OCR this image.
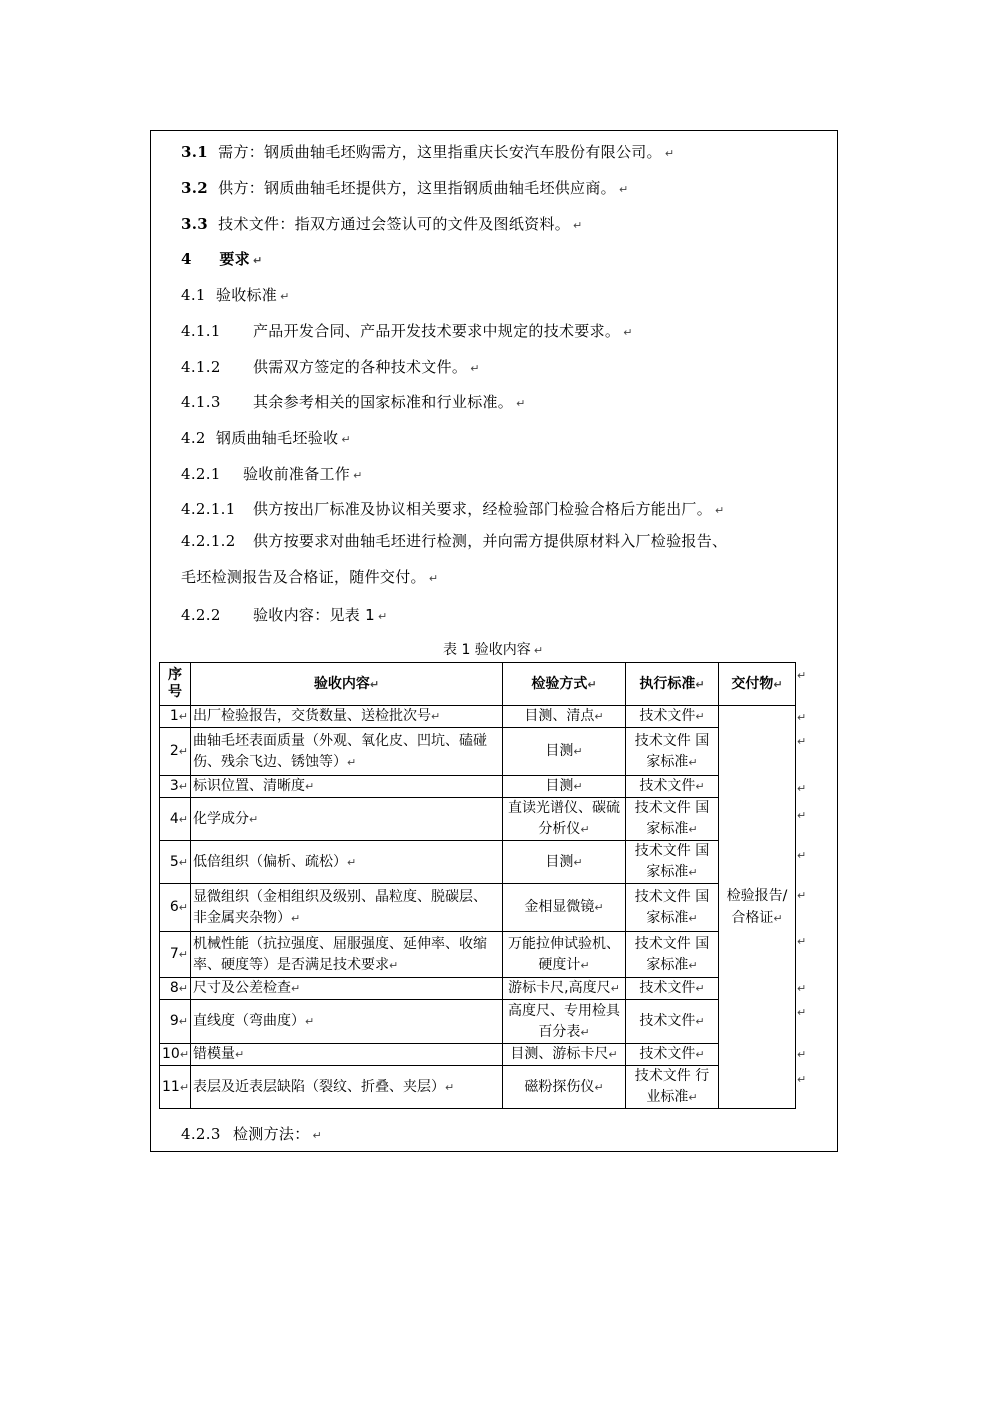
3.1 需方：钢质曲轴毛坯购需方，这里指重庆长安汽车股份有限公司。 ↵
3.2 供方：钢质曲轴毛坯提供方，这里指钢质曲轴毛坯供应商。 ↵
3.3 技术文件：指双方通过会签认可的文件及图纸资料。 ↵
4 要求 ↵
4.1 验收标准 ↵
4.1.1 产品开发合同、产品开发技术要求中规定的技术要求。 ↵
4.1.2 供需双方签定的各种技术文件。 ↵
4.1.3 其余参考相关的国家标准和行业标准。 ↵
4.2 钢质曲轴毛坯验收 ↵
4.2.1 验收前准备工作 ↵
4.2.1.1 供方按出厂标准及协议相关要求，经检验部门检验合格后方能出厂。 ↵
4.2.1.2 供方按要求对曲轴毛坯进行检测，并向需方提供原材料入厂检验报告、
毛坯检测报告及合格证，随件交付。 ↵
4.2.2 验收内容：见表 1 ↵
表 1 验收内容 ↵
序号	验收内容↵	检验方式↵	执行标准↵	交付物↵
1↵	出厂检验报告，交货数量、送检批次号↵	目测、清点↵	技术文件↵	检验报告/合格证↵
2↵	曲轴毛坯表面质量（外观、氧化皮、凹坑、磕碰伤、残余飞边、锈蚀等）↵	目测↵	技术文件 国家标准↵	
3↵	标识位置、清晰度↵	目测↵	技术文件↵	
4↵	化学成分↵	直读光谱仪、碳硫分析仪↵	技术文件 国家标准↵	
5↵	低倍组织（偏析、疏松）↵	目测↵	技术文件 国家标准↵	
6↵	显微组织（金相组织及级别、晶粒度、脱碳层、非金属夹杂物）↵	金相显微镜↵	技术文件 国家标准↵	
7↵	机械性能（抗拉强度、屈服强度、延伸率、收缩率、硬度等）是否满足技术要求↵	万能拉伸试验机、硬度计↵	技术文件 国家标准↵	
8↵	尺寸及公差检查↵	游标卡尺,高度尺↵	技术文件↵	
9↵	直线度（弯曲度）↵	高度尺、专用检具百分表↵	技术文件↵	
10↵	错模量↵	目测、游标卡尺↵	技术文件↵	
11↵	表层及近表层缺陷（裂纹、折叠、夹层）↵	磁粉探伤仪↵	技术文件 行业标准↵	
↵
↵
↵
↵
↵
↵
↵
↵
↵
↵
↵
↵
4.2.3 检测方法： ↵
